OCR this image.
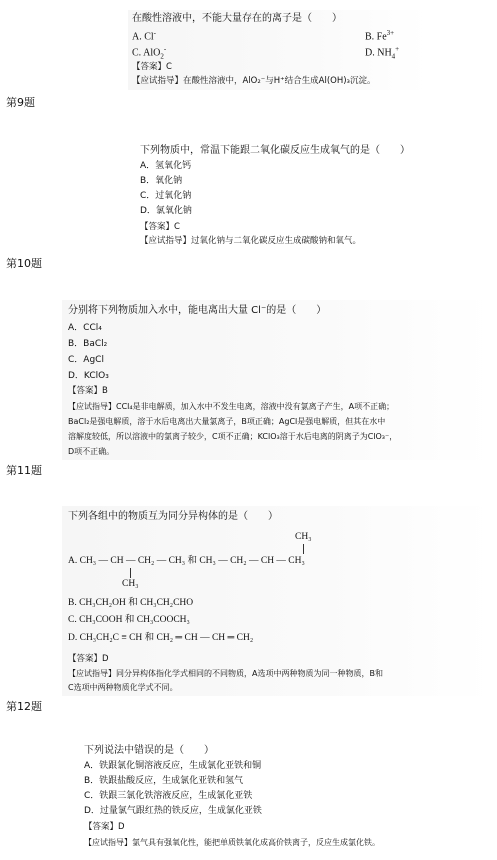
在酸性溶液中，不能大量存在的离子是（　　）
A. Cl-	B. $Fe^{3+}$
C. AlO$_2$-	D. $NH_4^+$
【答案】C
【应试指导】在酸性溶液中，AlO₂⁻与H⁺结合生成Al(OH)₃沉淀。
第9题
下列物质中，常温下能跟二氧化碳反应生成氧气的是（　　）
A．氢氧化钙
B．氧化钠
C．过氧化钠
D．氯氧化钠
【答案】C
【应试指导】过氧化钠与二氧化碳反应生成碳酸钠和氧气。
第10题
分别将下列物质加入水中，能电离出大量 Cl⁻的是（　　）
A．CCl₄
B．BaCl₂
C．AgCl
D．KClO₃
【答案】B
【应试指导】CCl₄是非电解质，加入水中不发生电离，溶液中没有氯离子产生，A项不正确；
BaCl₂是强电解质，溶于水后电离出大量氯离子，B项正确；AgCl是强电解质，但其在水中
溶解度较低，所以溶液中的氯离子较少，C项不正确；KClO₃溶于水后电离的阴离子为ClO₃⁻，
D项不正确。
第11题
下列各组中的物质互为同分异构体的是（　　）
CH₃
A. CH₃ — CH — CH₂ — CH₃ 和 CH₃ — CH₂ — CH — CH₃
CH₃
B. CH₃CH₂OH 和 CH₃CH₂CHO
C. CH₃COOH 和 CH₃COOCH₃
D. CH₃CH₂C ≡ CH 和 CH₂ ═ CH — CH ═ CH₂
【答案】D
【应试指导】同分异构体指化学式相同的不同物质，A选项中两种物质为同一种物质，B和
C选项中两种物质化学式不同。
第12题
下列说法中错误的是（　　）
A．铁跟氯化铜溶液反应，生成氯化亚铁和铜
B．铁跟盐酸反应，生成氯化亚铁和氢气
C．铁跟三氯化铁溶液反应，生成氯化亚铁
D．过量氯气跟红热的铁反应，生成氯化亚铁
【答案】D
【应试指导】氯气具有强氧化性，能把单质铁氧化成高价铁离子，反应生成氯化铁。
